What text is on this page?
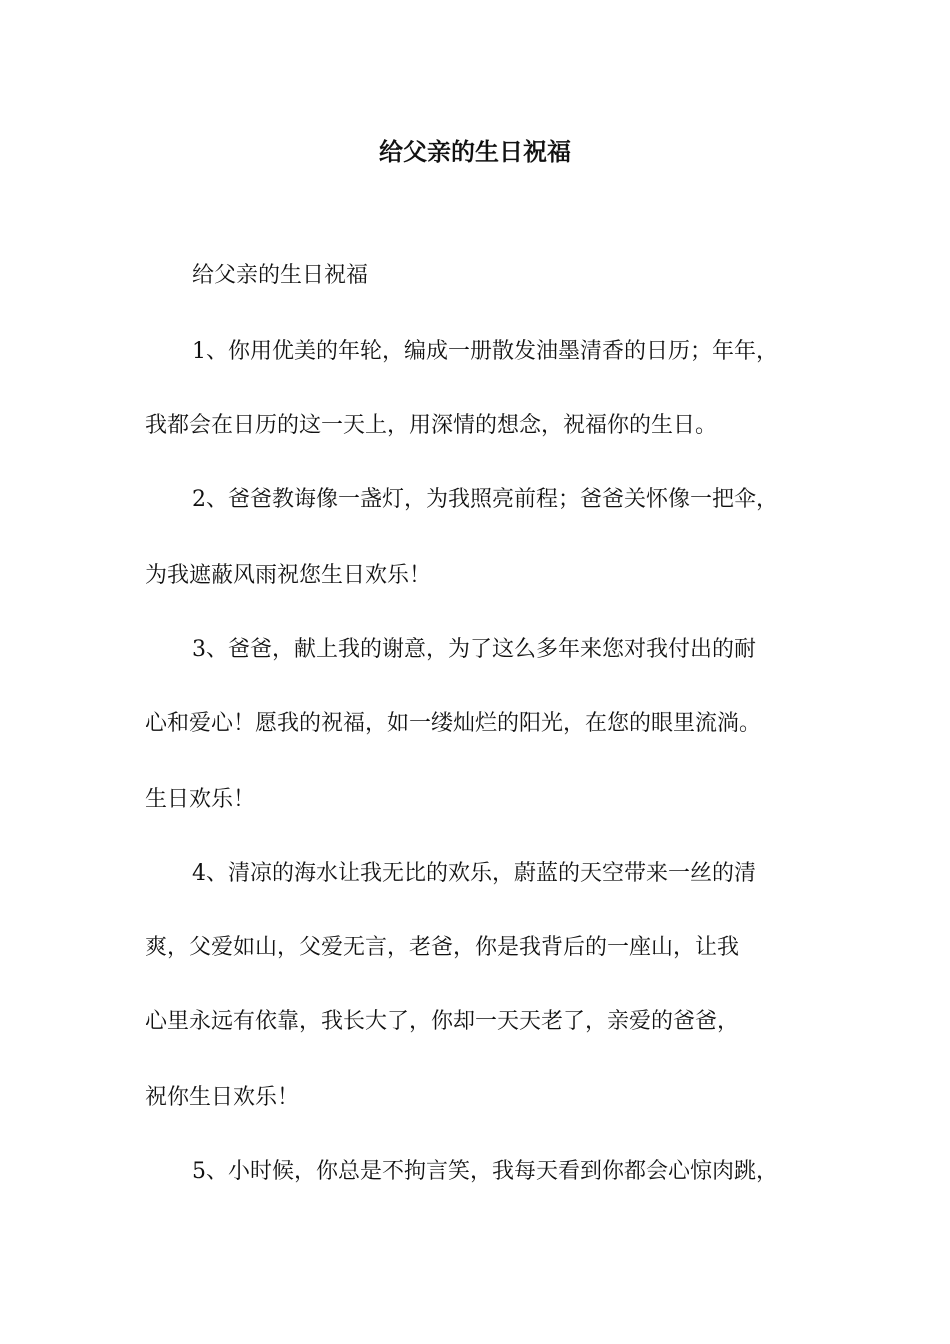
给父亲的生日祝福

给父亲的生日祝福

1、你用优美的年轮，编成一册散发油墨清香的日历；年年，

我都会在日历的这一天上，用深情的想念，祝福你的生日。

2、爸爸教诲像一盏灯，为我照亮前程；爸爸关怀像一把伞，

为我遮蔽风雨祝您生日欢乐！

3、爸爸，献上我的谢意，为了这么多年来您对我付出的耐

心和爱心！愿我的祝福，如一缕灿烂的阳光，在您的眼里流淌。

生日欢乐！

4、清凉的海水让我无比的欢乐，蔚蓝的天空带来一丝的清

爽，父爱如山，父爱无言，老爸，你是我背后的一座山，让我

心里永远有依靠，我长大了，你却一天天老了，亲爱的爸爸，

祝你生日欢乐！

5、小时候，你总是不拘言笑，我每天看到你都会心惊肉跳，
